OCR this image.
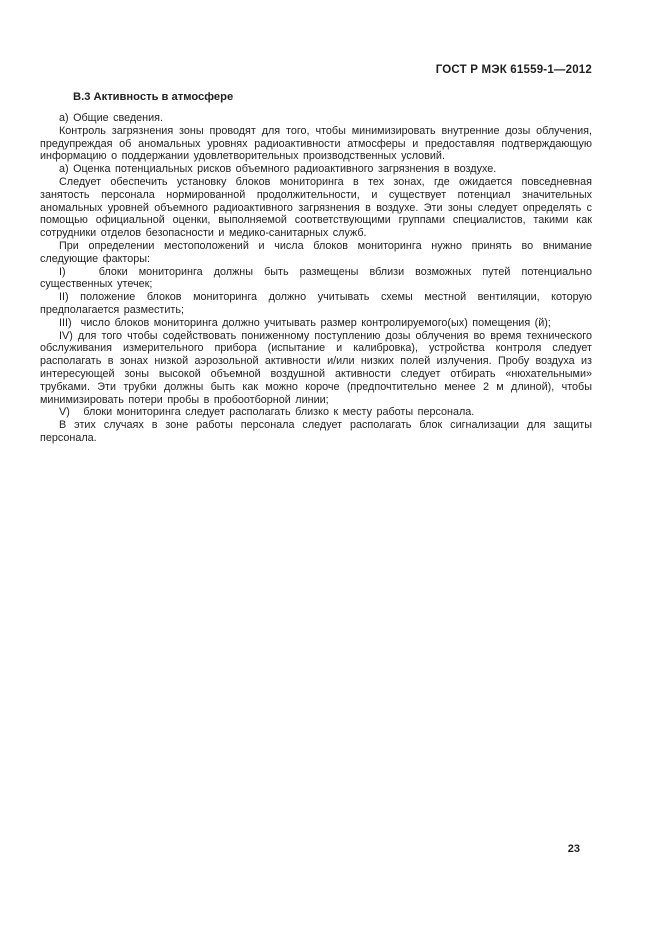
ГОСТ Р МЭК 61559-1—2012
В.3 Активность в атмосфере

а) Общие сведения.

Контроль загрязнения зоны проводят для того, чтобы минимизировать внутренние дозы облучения, предупреждая об аномальных уровнях радиоактивности атмосферы и предоставляя подтверждающую информацию о поддержании удовлетворительных производственных условий.

а) Оценка потенциальных рисков объемного радиоактивного загрязнения в воздухе.

Следует обеспечить установку блоков мониторинга в тех зонах, где ожидается повседневная занятость персонала нормированной продолжительности, и существует потенциал значительных аномальных уровней объемного радиоактивного загрязнения в воздухе. Эти зоны следует определять с помощью официальной оценки, выполняемой соответствующими группами специалистов, такими как сотрудники отделов безопасности и медико-санитарных служб.

При определении местоположений и числа блоков мониторинга нужно принять во внимание следующие факторы:

I)   блоки мониторинга должны быть размещены вблизи возможных путей потенциально существенных утечек;

II) положение блоков мониторинга должно учитывать схемы местной вентиляции, которую предполагается разместить;

III)  число блоков мониторинга должно учитывать размер контролируемого(ых) помещения (й);

IV) для того чтобы содействовать пониженному поступлению дозы облучения во время технического обслуживания измерительного прибора (испытание и калибровка), устройства контроля следует располагать в зонах низкой аэрозольной активности и/или низких полей излучения. Пробу воздуха из интересующей зоны высокой объемной воздушной активности следует отбирать «нюхательными» трубками. Эти трубки должны быть как можно короче (предпочтительно менее 2 м длиной), чтобы минимизировать потери пробы в пробоотборной линии;

V)   блоки мониторинга следует располагать близко к месту работы персонала.

В этих случаях в зоне работы персонала следует располагать блок сигнализации для защиты персонала.

23
